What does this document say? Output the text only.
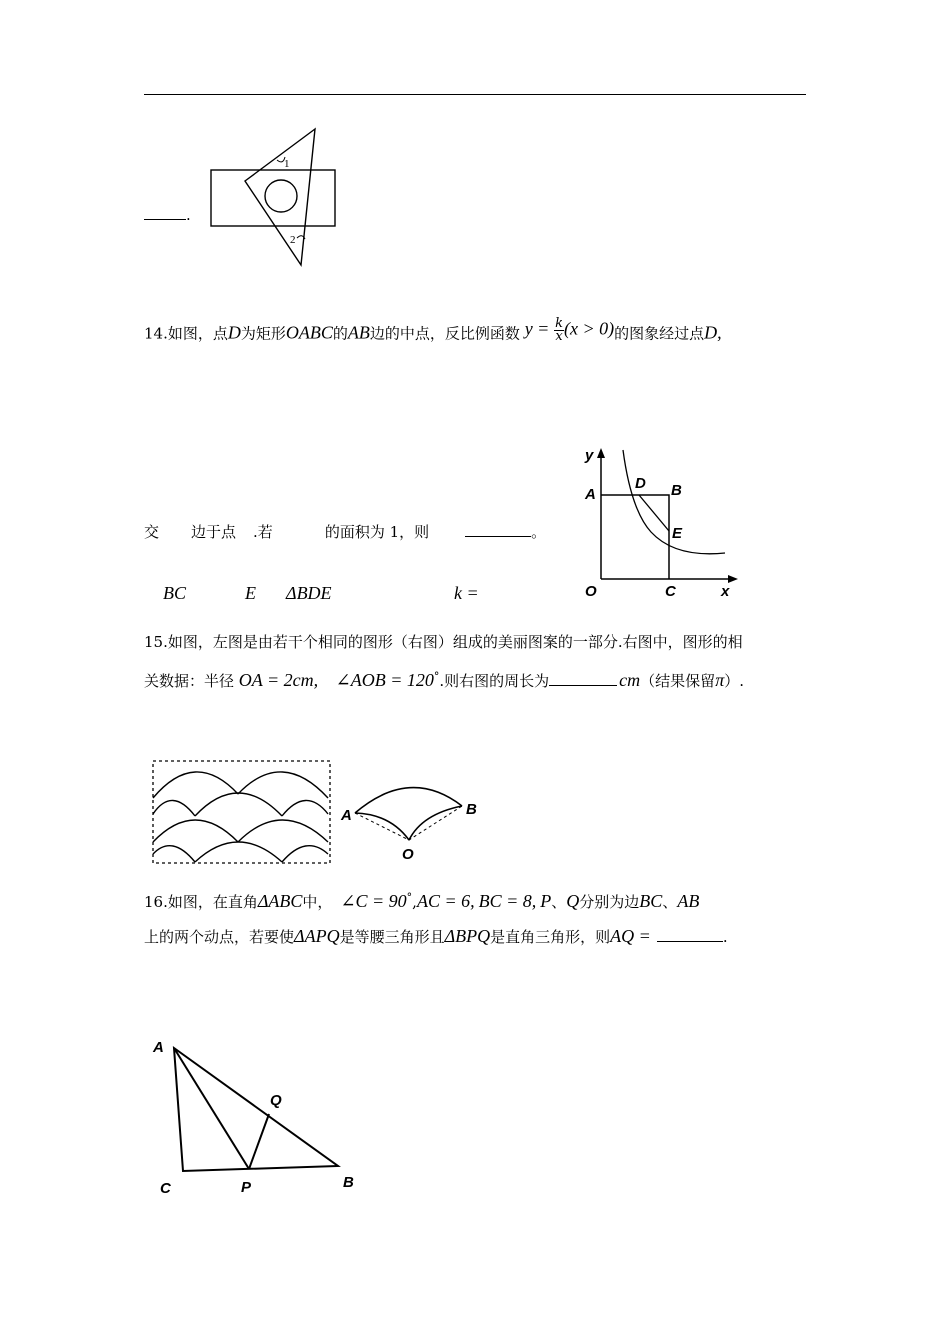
.
1
2
14.如图，点D为矩形OABC的AB边的中点，反比例函数 $y = \frac{k}{x} (x > 0)$的图象经过点D,
交 边于点 .若	的面积为 1，则	。
BC	E ΔBDE	k =
y
A
D B
E
O	C	x
15.如图，左图是由若干个相同的图形（右图）组成的美丽图案的一部分.右图中，图形的相
关数据：半径 OA = 2cm, ∠AOB = 120°.则右图的周长为	cm（结果保留π）.
A	B
O
16.如图，在直角ΔABC中， ∠C = 90°,AC = 6, BC = 8, P、Q分别为边BC、AB
上的两个动点，若要使ΔAPQ是等腰三角形且ΔBPQ是直角三角形，则AQ =	.
A
Q
C	P	B
